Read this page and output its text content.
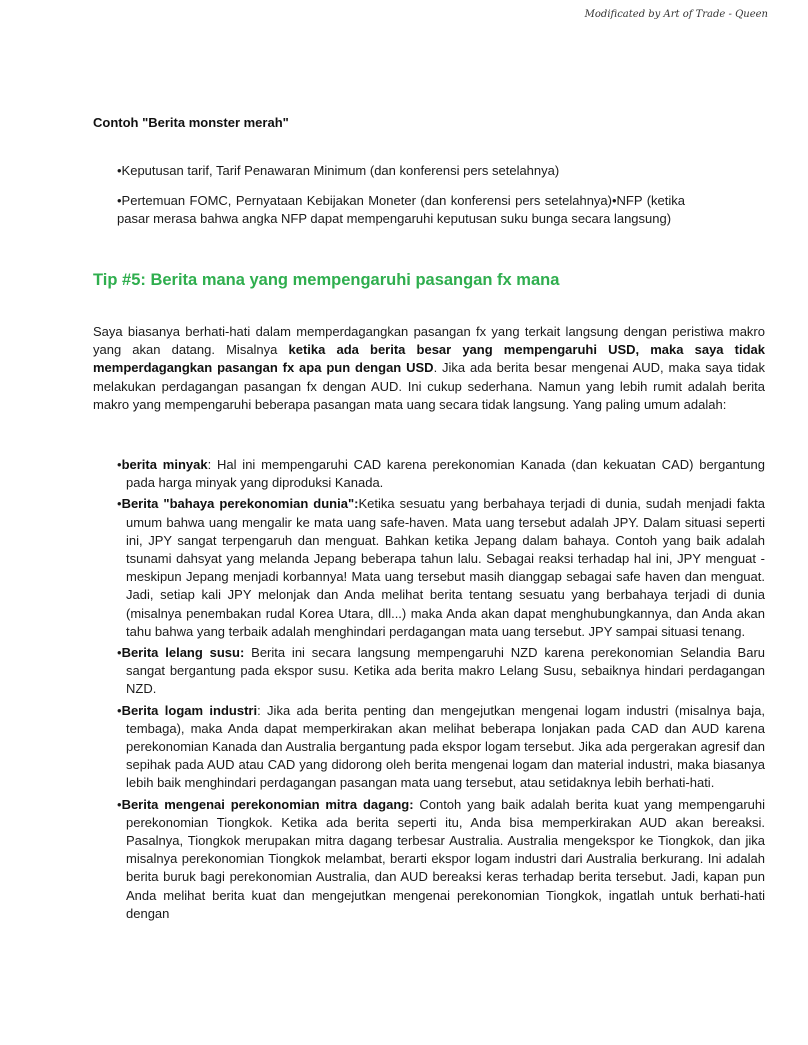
Modificated by Art of Trade - Queen
Contoh "Berita monster merah"
•Keputusan tarif, Tarif Penawaran Minimum (dan konferensi pers setelahnya)
•Pertemuan FOMC, Pernyataan Kebijakan Moneter (dan konferensi pers setelahnya)•NFP (ketika pasar merasa bahwa angka NFP dapat mempengaruhi keputusan suku bunga secara langsung)
Tip #5: Berita mana yang mempengaruhi pasangan fx mana
Saya biasanya berhati-hati dalam memperdagangkan pasangan fx yang terkait langsung dengan peristiwa makro yang akan datang. Misalnya ketika ada berita besar yang mempengaruhi USD, maka saya tidak memperdagangkan pasangan fx apa pun dengan USD. Jika ada berita besar mengenai AUD, maka saya tidak melakukan perdagangan pasangan fx dengan AUD. Ini cukup sederhana. Namun yang lebih rumit adalah berita makro yang mempengaruhi beberapa pasangan mata uang secara tidak langsung. Yang paling umum adalah:
•berita minyak: Hal ini mempengaruhi CAD karena perekonomian Kanada (dan kekuatan CAD) bergantung pada harga minyak yang diproduksi Kanada.
•Berita "bahaya perekonomian dunia":Ketika sesuatu yang berbahaya terjadi di dunia, sudah menjadi fakta umum bahwa uang mengalir ke mata uang safe-haven. Mata uang tersebut adalah JPY. Dalam situasi seperti ini, JPY sangat terpengaruh dan menguat. Bahkan ketika Jepang dalam bahaya. Contoh yang baik adalah tsunami dahsyat yang melanda Jepang beberapa tahun lalu. Sebagai reaksi terhadap hal ini, JPY menguat - meskipun Jepang menjadi korbannya! Mata uang tersebut masih dianggap sebagai safe haven dan menguat. Jadi, setiap kali JPY melonjak dan Anda melihat berita tentang sesuatu yang berbahaya terjadi di dunia (misalnya penembakan rudal Korea Utara, dll...) maka Anda akan dapat menghubungkannya, dan Anda akan tahu bahwa yang terbaik adalah menghindari perdagangan mata uang tersebut. JPY sampai situasi tenang.
•Berita lelang susu: Berita ini secara langsung mempengaruhi NZD karena perekonomian Selandia Baru sangat bergantung pada ekspor susu. Ketika ada berita makro Lelang Susu, sebaiknya hindari perdagangan NZD.
•Berita logam industri: Jika ada berita penting dan mengejutkan mengenai logam industri (misalnya baja, tembaga), maka Anda dapat memperkirakan akan melihat beberapa lonjakan pada CAD dan AUD karena perekonomian Kanada dan Australia bergantung pada ekspor logam tersebut. Jika ada pergerakan agresif dan sepihak pada AUD atau CAD yang didorong oleh berita mengenai logam dan material industri, maka biasanya lebih baik menghindari perdagangan pasangan mata uang tersebut, atau setidaknya lebih berhati-hati.
•Berita mengenai perekonomian mitra dagang: Contoh yang baik adalah berita kuat yang mempengaruhi perekonomian Tiongkok. Ketika ada berita seperti itu, Anda bisa memperkirakan AUD akan bereaksi. Pasalnya, Tiongkok merupakan mitra dagang terbesar Australia. Australia mengekspor ke Tiongkok, dan jika misalnya perekonomian Tiongkok melambat, berarti ekspor logam industri dari Australia berkurang. Ini adalah berita buruk bagi perekonomian Australia, dan AUD bereaksi keras terhadap berita tersebut. Jadi, kapan pun Anda melihat berita kuat dan mengejutkan mengenai perekonomian Tiongkok, ingatlah untuk berhati-hati dengan
